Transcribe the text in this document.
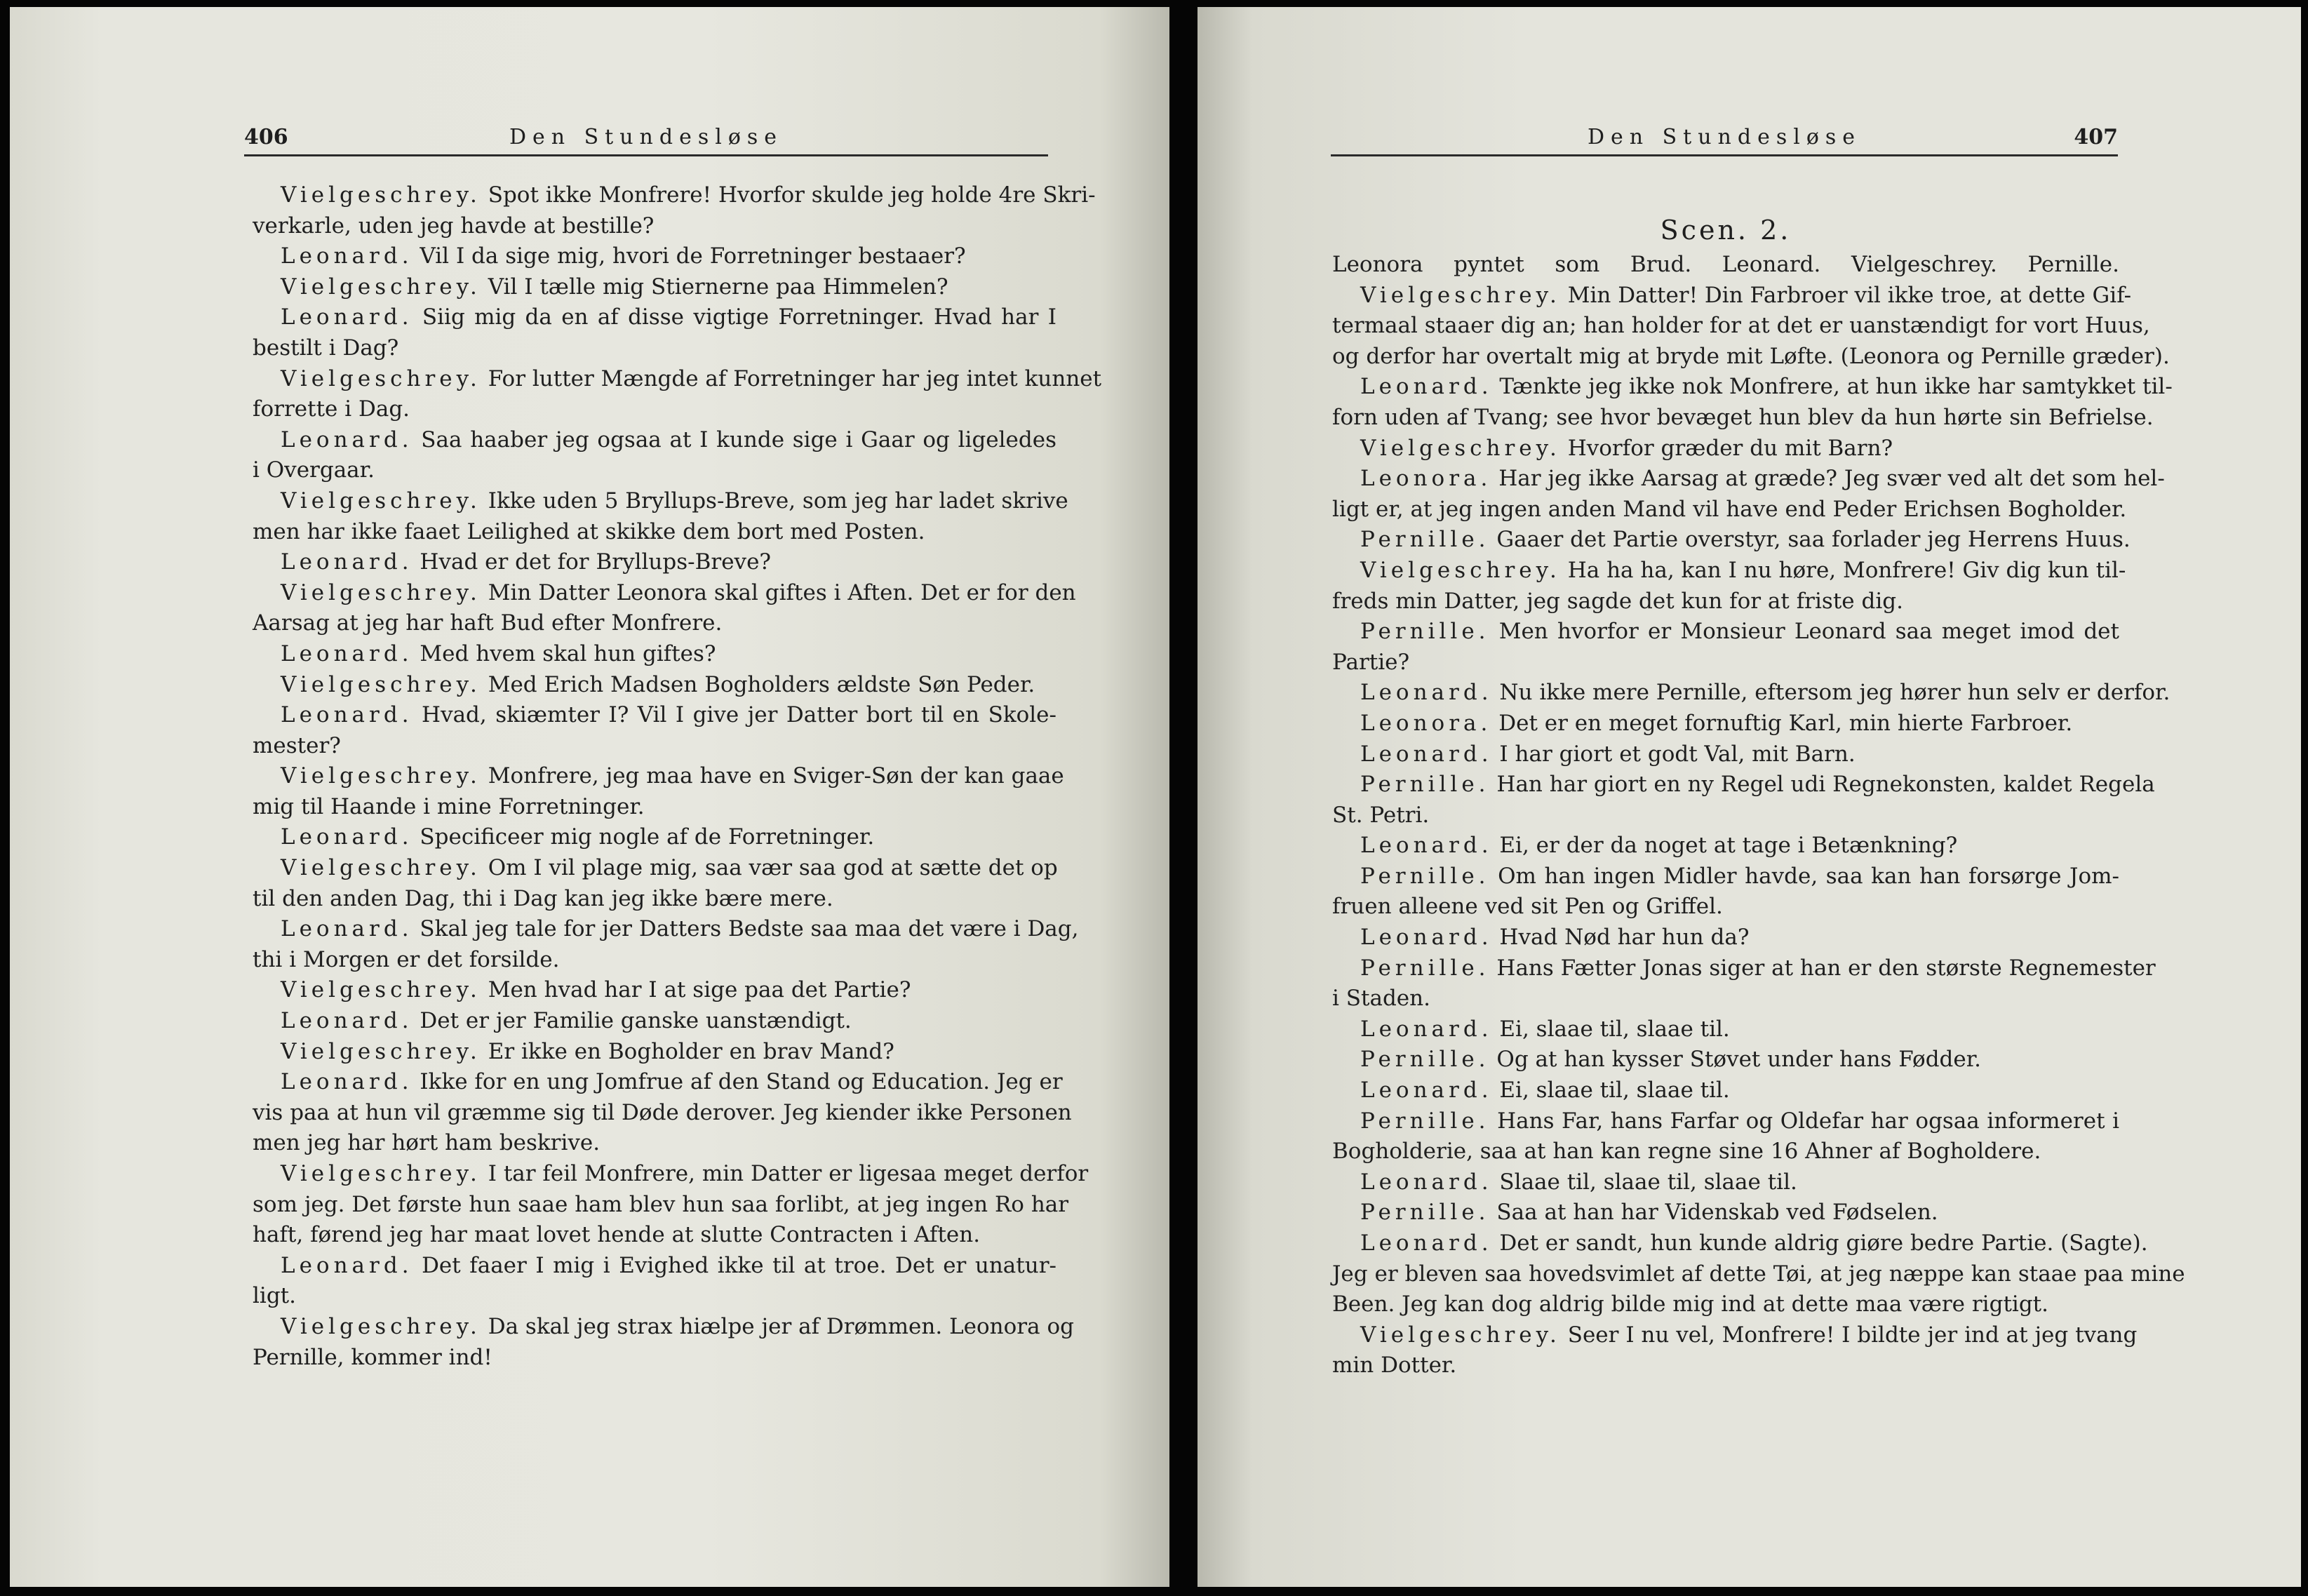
406	Den Stundesløse
Vielgeschrey. Spot ikke Monfrere! Hvorfor skulde jeg holde 4re Skri-
verkarle, uden jeg havde at bestille?
Leonard. Vil I da sige mig, hvori de Forretninger bestaaer?
Vielgeschrey. Vil I tælle mig Stiernerne paa Himmelen?
Leonard. Siig mig da en af disse vigtige Forretninger. Hvad har I
bestilt i Dag?
Vielgeschrey. For lutter Mængde af Forretninger har jeg intet kunnet
forrette i Dag.
Leonard. Saa haaber jeg ogsaa at I kunde sige i Gaar og ligeledes
i Overgaar.
Vielgeschrey. Ikke uden 5 Bryllups-Breve, som jeg har ladet skrive
men har ikke faaet Leilighed at skikke dem bort med Posten.
Leonard. Hvad er det for Bryllups-Breve?
Vielgeschrey. Min Datter Leonora skal giftes i Aften. Det er for den
Aarsag at jeg har haft Bud efter Monfrere.
Leonard. Med hvem skal hun giftes?
Vielgeschrey. Med Erich Madsen Bogholders ældste Søn Peder.
Leonard. Hvad, skiæmter I? Vil I give jer Datter bort til en Skole-
mester?
Vielgeschrey. Monfrere, jeg maa have en Sviger-Søn der kan gaae
mig til Haande i mine Forretninger.
Leonard. Specificeer mig nogle af de Forretninger.
Vielgeschrey. Om I vil plage mig, saa vær saa god at sætte det op
til den anden Dag, thi i Dag kan jeg ikke bære mere.
Leonard. Skal jeg tale for jer Datters Bedste saa maa det være i Dag,
thi i Morgen er det forsilde.
Vielgeschrey. Men hvad har I at sige paa det Partie?
Leonard. Det er jer Familie ganske uanstændigt.
Vielgeschrey. Er ikke en Bogholder en brav Mand?
Leonard. Ikke for en ung Jomfrue af den Stand og Education. Jeg er
vis paa at hun vil græmme sig til Døde derover. Jeg kiender ikke Personen
men jeg har hørt ham beskrive.
Vielgeschrey. I tar feil Monfrere, min Datter er ligesaa meget derfor
som jeg. Det første hun saae ham blev hun saa forlibt, at jeg ingen Ro har
haft, førend jeg har maat lovet hende at slutte Contracten i Aften.
Leonard. Det faaer I mig i Evighed ikke til at troe. Det er unatur-
ligt.
Vielgeschrey. Da skal jeg strax hiælpe jer af Drømmen. Leonora og
Pernille, kommer ind!
Den Stundesløse	407
Scen. 2.
Leonora pyntet som Brud. Leonard. Vielgeschrey. Pernille.
Vielgeschrey. Min Datter! Din Farbroer vil ikke troe, at dette Gif-
termaal staaer dig an; han holder for at det er uanstændigt for vort Huus,
og derfor har overtalt mig at bryde mit Løfte. (Leonora og Pernille græder).
Leonard. Tænkte jeg ikke nok Monfrere, at hun ikke har samtykket til-
forn uden af Tvang; see hvor bevæget hun blev da hun hørte sin Befrielse.
Vielgeschrey. Hvorfor græder du mit Barn?
Leonora. Har jeg ikke Aarsag at græde? Jeg svær ved alt det som hel-
ligt er, at jeg ingen anden Mand vil have end Peder Erichsen Bogholder.
Pernille. Gaaer det Partie overstyr, saa forlader jeg Herrens Huus.
Vielgeschrey. Ha ha ha, kan I nu høre, Monfrere! Giv dig kun til-
freds min Datter, jeg sagde det kun for at friste dig.
Pernille. Men hvorfor er Monsieur Leonard saa meget imod det
Partie?
Leonard. Nu ikke mere Pernille, eftersom jeg hører hun selv er derfor.
Leonora. Det er en meget fornuftig Karl, min hierte Farbroer.
Leonard. I har giort et godt Val, mit Barn.
Pernille. Han har giort en ny Regel udi Regnekonsten, kaldet Regela
St. Petri.
Leonard. Ei, er der da noget at tage i Betænkning?
Pernille. Om han ingen Midler havde, saa kan han forsørge Jom-
fruen alleene ved sit Pen og Griffel.
Leonard. Hvad Nød har hun da?
Pernille. Hans Fætter Jonas siger at han er den største Regnemester
i Staden.
Leonard. Ei, slaae til, slaae til.
Pernille. Og at han kysser Støvet under hans Fødder.
Leonard. Ei, slaae til, slaae til.
Pernille. Hans Far, hans Farfar og Oldefar har ogsaa informeret i
Bogholderie, saa at han kan regne sine 16 Ahner af Bogholdere.
Leonard. Slaae til, slaae til, slaae til.
Pernille. Saa at han har Videnskab ved Fødselen.
Leonard. Det er sandt, hun kunde aldrig giøre bedre Partie. (Sagte).
Jeg er bleven saa hovedsvimlet af dette Tøi, at jeg næppe kan staae paa mine
Been. Jeg kan dog aldrig bilde mig ind at dette maa være rigtigt.
Vielgeschrey. Seer I nu vel, Monfrere! I bildte jer ind at jeg tvang
min Dotter.
